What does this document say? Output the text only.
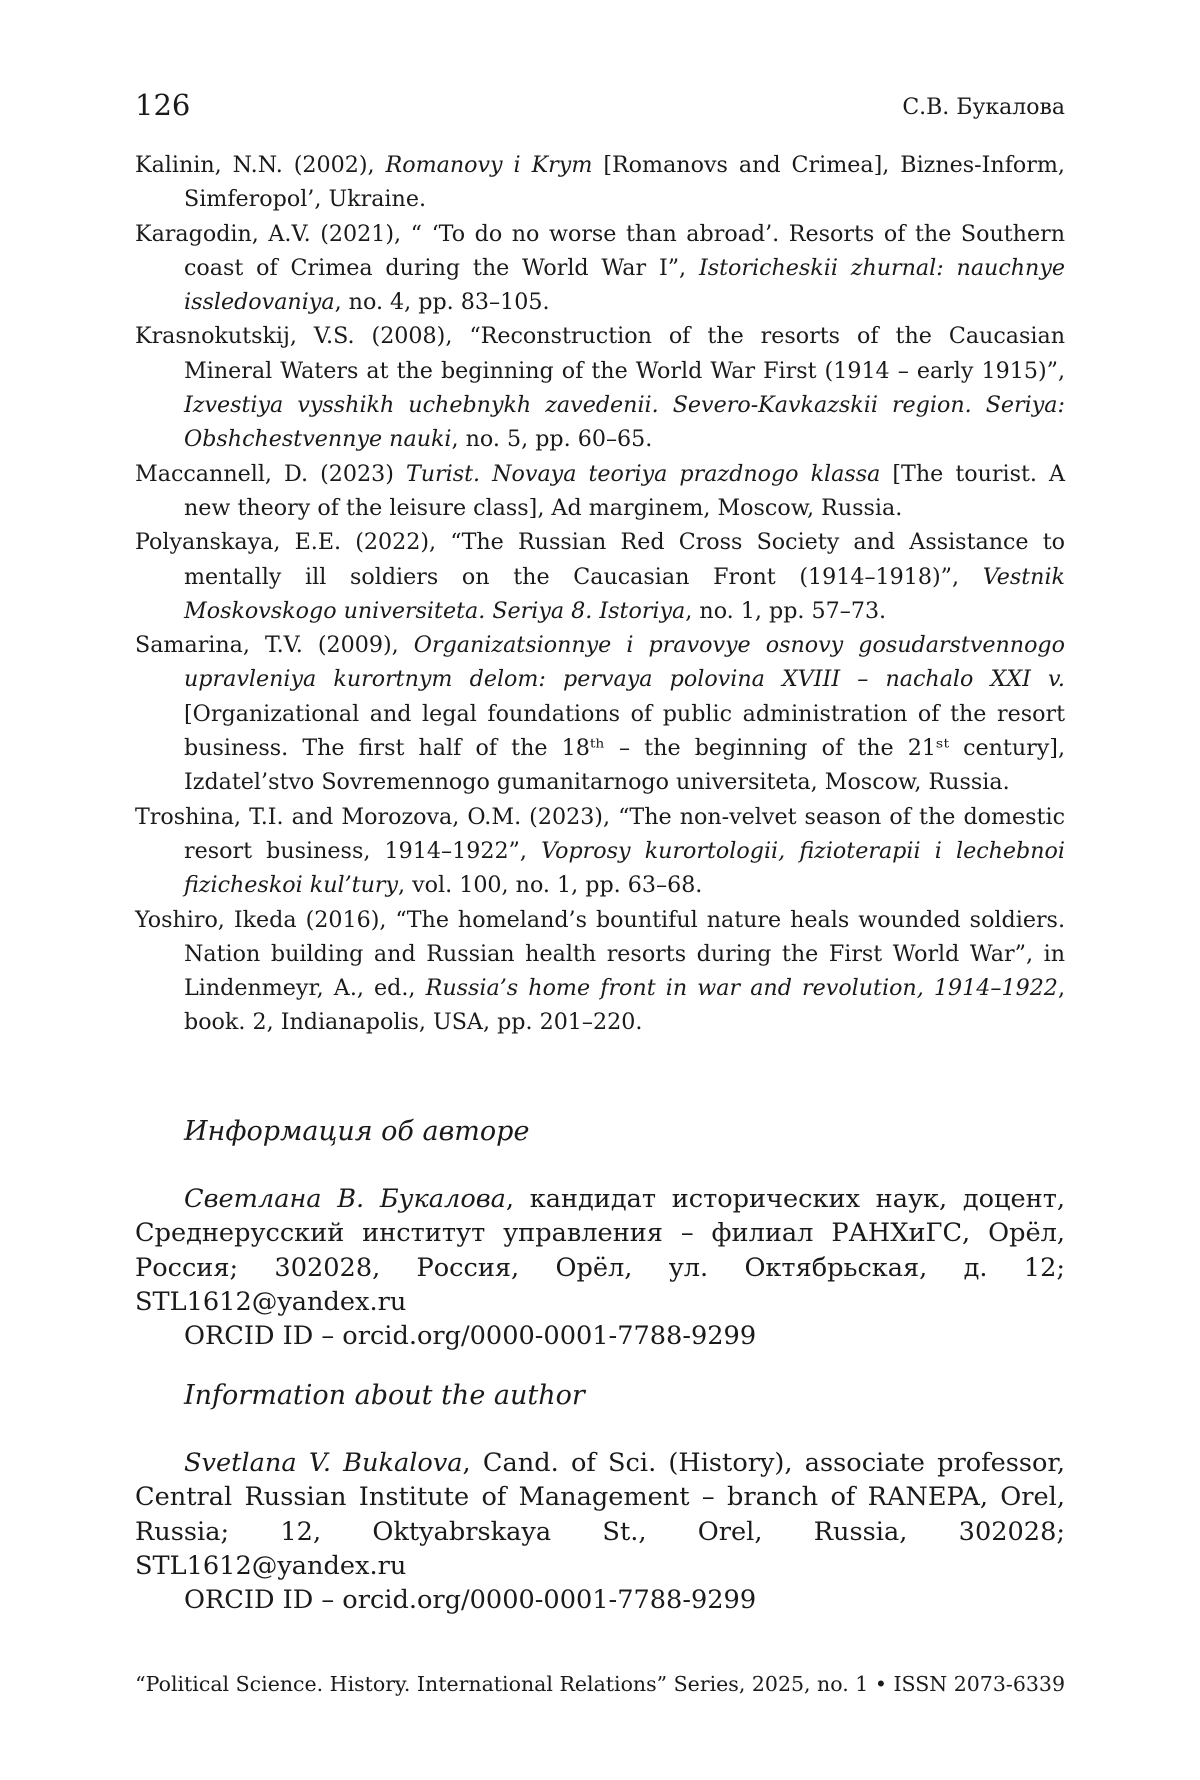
126	С.В. Букалова

Kalinin, N.N. (2002), Romanovy i Krym [Romanovs and Crimea], Biznes-Inform, Simferopol’, Ukraine.

Karagodin, A.V. (2021), “ ‘To do no worse than abroad’. Resorts of the Southern coast of Crimea during the World War I”, Istoricheskii zhurnal: nauchnye issledovaniya, no. 4, pp. 83–105.

Krasnokutskij, V.S. (2008), “Reconstruction of the resorts of the Caucasian Mineral Waters at the beginning of the World War First (1914 – early 1915)”, Izvestiya vysshikh uchebnykh zavedenii. Severo-Kavkazskii region. Seriya: Obshchestvennye nauki, no. 5, pp. 60–65.

Maccannell, D. (2023) Turist. Novaya teoriya prazdnogo klassa [The tourist. A new theory of the leisure class], Ad marginem, Moscow, Russia.

Polyanskaya, E.E. (2022), “The Russian Red Cross Society and Assistance to mentally ill soldiers on the Caucasian Front (1914–1918)”, Vestnik Moskovskogo universiteta. Seriya 8. Istoriya, no. 1, pp. 57–73.

Samarina, T.V. (2009), Organizatsionnye i pravovye osnovy gosudarstvennogo upravleniya kurortnym delom: pervaya polovina XVIII – nachalo XXI v. [Organizational and legal foundations of public administration of the resort business. The first half of the 18ᵗʰ – the beginning of the 21ˢᵗ century], Izdatel’stvo Sovremennogo gumanitarnogo universiteta, Moscow, Russia.

Troshina, T.I. and Morozova, O.M. (2023), “The non-velvet season of the domestic resort business, 1914–1922”, Voprosy kurortologii, fizioterapii i lechebnoi fizicheskoi kul’tury, vol. 100, no. 1, pp. 63–68.

Yoshiro, Ikeda (2016), “The homeland’s bountiful nature heals wounded soldiers. Nation building and Russian health resorts during the First World War”, in Lindenmeyr, A., ed., Russia’s home front in war and revolution, 1914–1922, book. 2, Indianapolis, USA, pp. 201–220.

Информация об авторе

Светлана В. Букалова, кандидат исторических наук, доцент, Среднерусский институт управления – филиал РАНХиГС, Орёл, Россия; 302028, Россия, Орёл, ул. Октябрьская, д. 12; STL1612@yandex.ru

ORCID ID – orcid.org/0000-0001-7788-9299

Information about the author

Svetlana V. Bukalova, Cand. of Sci. (History), associate professor, Central Russian Institute of Management – branch of RANEPA, Orel, Russia; 12, Oktyabrskaya St., Orel, Russia, 302028; STL1612@yandex.ru

ORCID ID – orcid.org/0000-0001-7788-9299

“Political Science. History. International Relations” Series, 2025, no. 1 • ISSN 2073-6339
